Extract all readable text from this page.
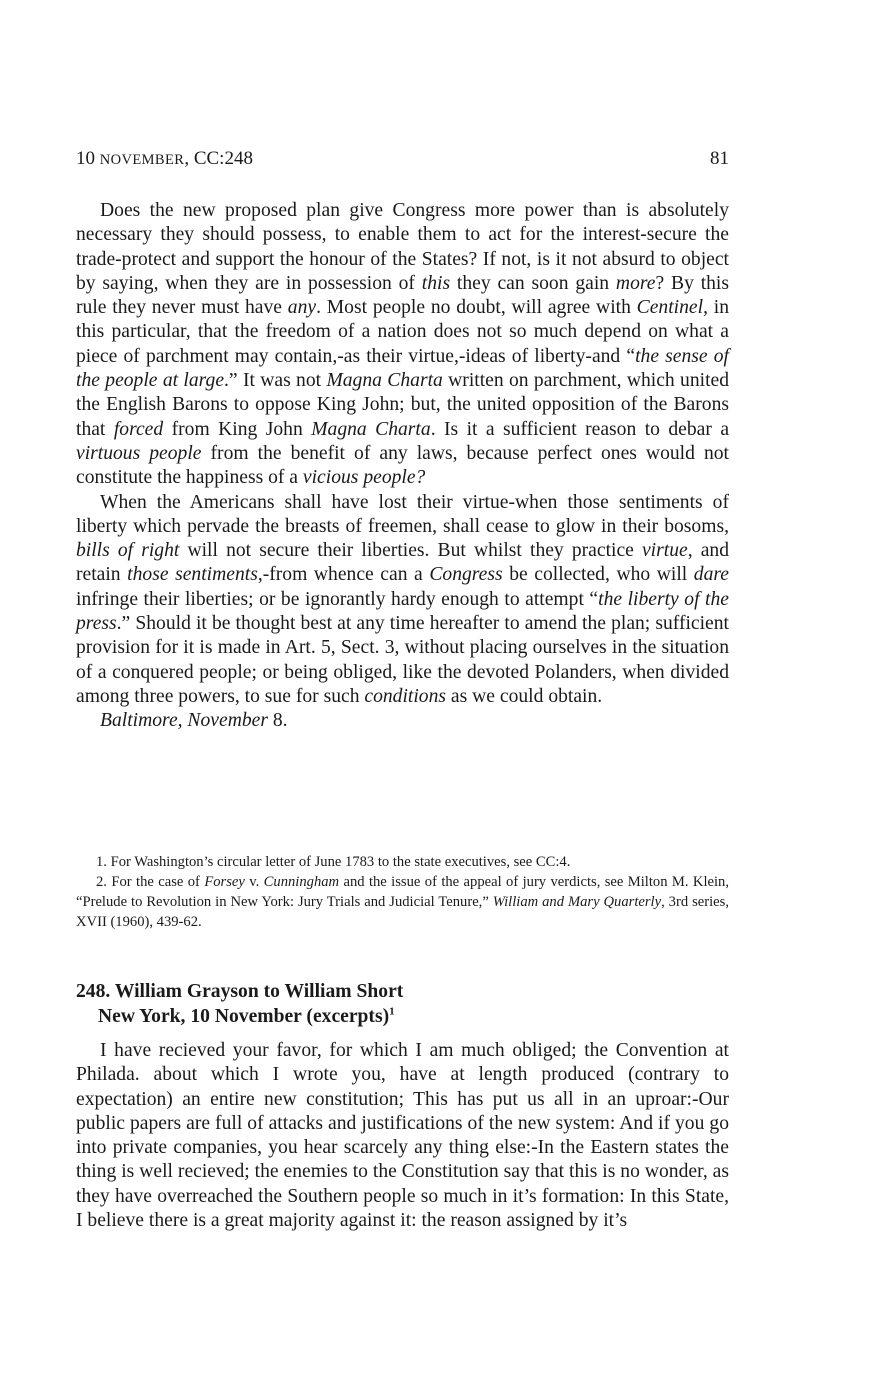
10 NOVEMBER, CC:248	81

Does the new proposed plan give Congress more power than is absolutely necessary they should possess, to enable them to act for the interest-secure the trade-protect and support the honour of the States? If not, is it not absurd to object by saying, when they are in possession of this they can soon gain more? By this rule they never must have any. Most people no doubt, will agree with Centinel, in this particular, that the freedom of a nation does not so much depend on what a piece of parchment may contain,-as their virtue,-ideas of liberty-and “the sense of the people at large.” It was not Magna Charta written on parchment, which united the English Barons to oppose King John; but, the united opposition of the Barons that forced from King John Magna Charta. Is it a sufficient reason to debar a virtuous people from the benefit of any laws, because perfect ones would not constitute the happiness of a vicious people?

When the Americans shall have lost their virtue-when those sentiments of liberty which pervade the breasts of freemen, shall cease to glow in their bosoms, bills of right will not secure their liberties. But whilst they practice virtue, and retain those sentiments,-from whence can a Congress be collected, who will dare infringe their liberties; or be ignorantly hardy enough to attempt “the liberty of the press.” Should it be thought best at any time hereafter to amend the plan; sufficient provision for it is made in Art. 5, Sect. 3, without placing ourselves in the situation of a conquered people; or being obliged, like the devoted Polanders, when divided among three powers, to sue for such conditions as we could obtain.

Baltimore, November 8.

1. For Washington’s circular letter of June 1783 to the state executives, see CC:4.

2. For the case of Forsey v. Cunningham and the issue of the appeal of jury verdicts, see Milton M. Klein, “Prelude to Revolution in New York: Jury Trials and Judicial Tenure,” William and Mary Quarterly, 3rd series, XVII (1960), 439-62.

248. William Grayson to William Short
New York, 10 November (excerpts)$^1$

I have recieved your favor, for which I am much obliged; the Convention at Philada. about which I wrote you, have at length produced (contrary to expectation) an entire new constitution; This has put us all in an uproar:-Our public papers are full of attacks and justifications of the new system: And if you go into private companies, you hear scarcely any thing else:-In the Eastern states the thing is well recieved; the enemies to the Constitution say that this is no wonder, as they have overreached the Southern people so much in it’s formation: In this State, I believe there is a great majority against it: the reason assigned by it’s
